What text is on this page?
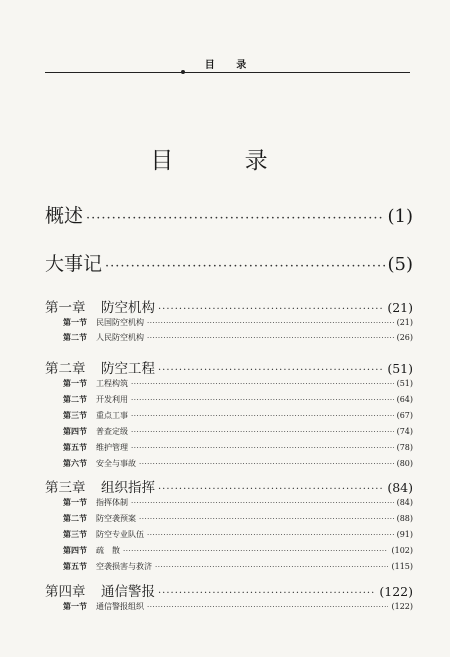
目 录
目 录
概述 ·····	(1)
大事记 ·····	(5)
第一章 防空机构 ·····	(21)
第一节 民国防空机构 ·····	(21)
第二节 人民防空机构 ·····	(26)
第二章 防空工程 ·····	(51)
第一节 工程构筑 ·····	(51)
第二节 开发利用 ·····	(64)
第三节 重点工事 ·····	(67)
第四节 普查定级 ·····	(74)
第五节 维护管理 ·····	(78)
第六节 安全与事故 ·····	(80)
第三章 组织指挥 ·····	(84)
第一节 指挥体制 ·····	(84)
第二节 防空袭预案 ·····	(88)
第三节 防空专业队伍 ·····	(91)
第四节 疏　散 ·····	(102)
第五节 空袭损害与救济 ·····	(115)
第四章 通信警报 ·····	(122)
第一节 通信警报组织 ·····	(122)
